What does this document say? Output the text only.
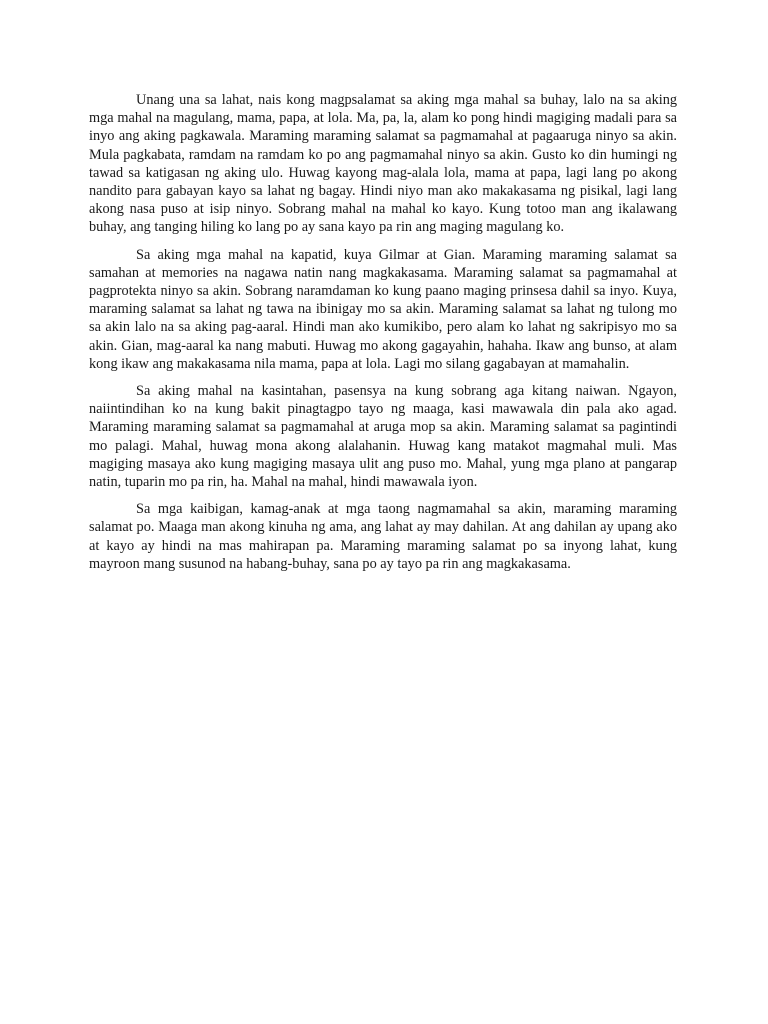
Unang una sa lahat, nais kong magpsalamat sa aking mga mahal sa buhay, lalo na sa aking mga mahal na magulang, mama, papa, at lola. Ma, pa, la, alam ko pong hindi magiging madali para sa inyo ang aking pagkawala. Maraming maraming salamat sa pagmamahal at pagaaruga ninyo sa akin. Mula pagkabata, ramdam na ramdam ko po ang pagmamahal ninyo sa akin. Gusto ko din humingi ng tawad sa katigasan ng aking ulo. Huwag kayong mag-alala lola, mama at papa, lagi lang po akong nandito para gabayan kayo sa lahat ng bagay. Hindi niyo man ako makakasama ng pisikal, lagi lang akong nasa puso at isip ninyo. Sobrang mahal na mahal ko kayo. Kung totoo man ang ikalawang buhay, ang tanging hiling ko lang po ay sana kayo pa rin ang maging magulang ko.

Sa aking mga mahal na kapatid, kuya Gilmar at Gian. Maraming maraming salamat sa samahan at memories na nagawa natin nang magkakasama. Maraming salamat sa pagmamahal at pagprotekta ninyo sa akin. Sobrang naramdaman ko kung paano maging prinsesa dahil sa inyo. Kuya, maraming salamat sa lahat ng tawa na ibinigay mo sa akin. Maraming salamat sa lahat ng tulong mo sa akin lalo na sa aking pag-aaral. Hindi man ako kumikibo, pero alam ko lahat ng sakripisyo mo sa akin. Gian, mag-aaral ka nang mabuti. Huwag mo akong gagayahin, hahaha. Ikaw ang bunso, at alam kong ikaw ang makakasama nila mama, papa at lola. Lagi mo silang gagabayan at mamahalin.

Sa aking mahal na kasintahan, pasensya na kung sobrang aga kitang naiwan. Ngayon, naiintindihan ko na kung bakit pinagtagpo tayo ng maaga, kasi mawawala din pala ako agad. Maraming maraming salamat sa pagmamahal at aruga mop sa akin. Maraming salamat sa pagintindi mo palagi. Mahal, huwag mona akong alalahanin. Huwag kang matakot magmahal muli. Mas magiging masaya ako kung magiging masaya ulit ang puso mo. Mahal, yung mga plano at pangarap natin, tuparin mo pa rin, ha. Mahal na mahal, hindi mawawala iyon.

Sa mga kaibigan, kamag-anak at mga taong nagmamahal sa akin, maraming maraming salamat po. Maaga man akong kinuha ng ama, ang lahat ay may dahilan. At ang dahilan ay upang ako at kayo ay hindi na mas mahirapan pa. Maraming maraming salamat po sa inyong lahat, kung mayroon mang susunod na habang-buhay, sana po ay tayo pa rin ang magkakasama.
